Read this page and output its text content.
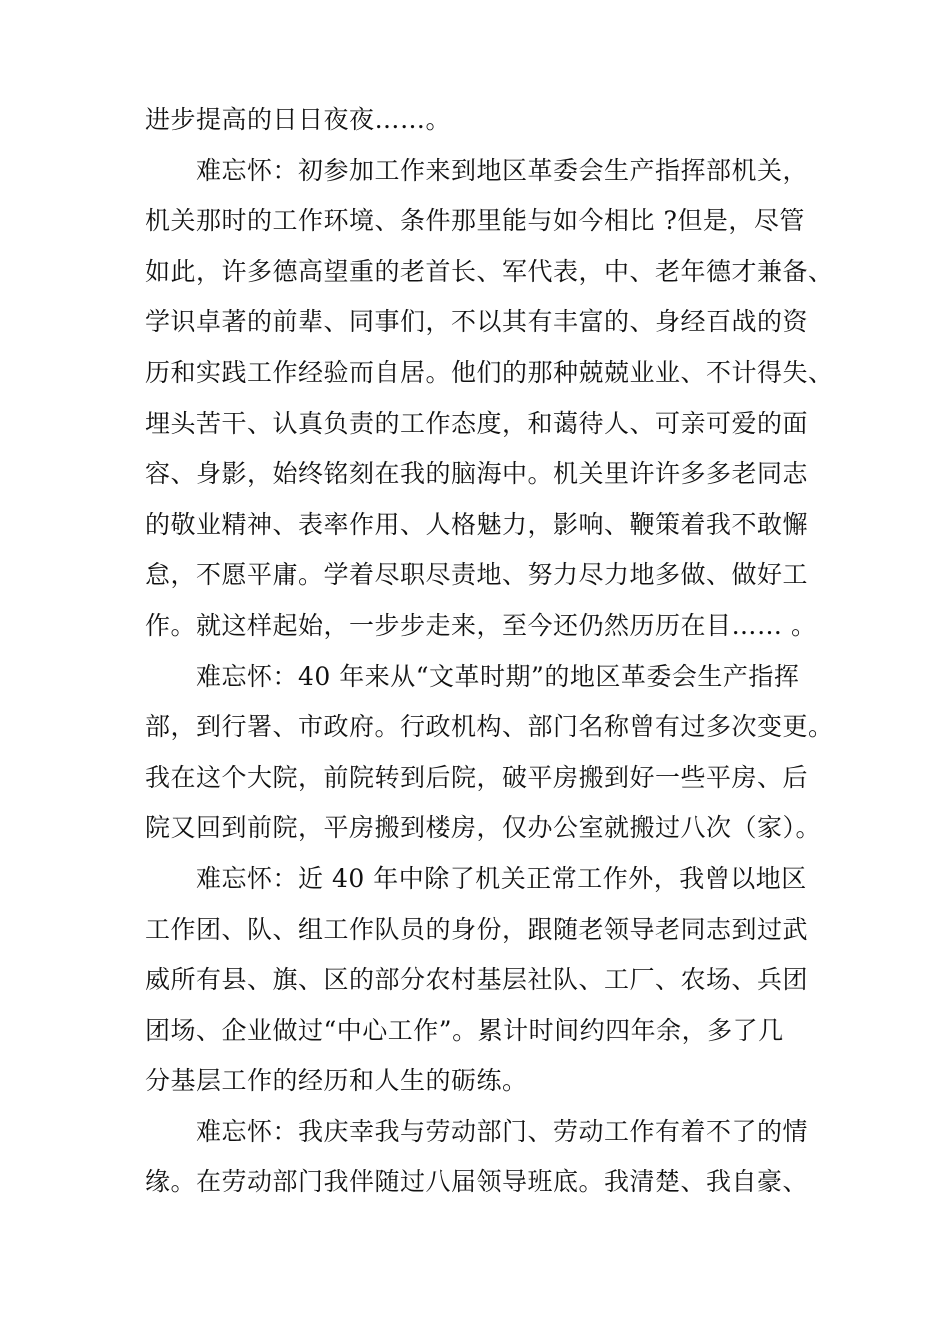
进步提高的日日夜夜……。
难忘怀：初参加工作来到地区革委会生产指挥部机关，
机关那时的工作环境、条件那里能与如今相比 ?但是，尽管
如此，许多德高望重的老首长、军代表，中、老年德才兼备、
学识卓著的前辈、同事们，不以其有丰富的、身经百战的资
历和实践工作经验而自居。他们的那种兢兢业业、不计得失、
埋头苦干、认真负责的工作态度，和蔼待人、可亲可爱的面
容、身影，始终铭刻在我的脑海中。机关里许许多多老同志
的敬业精神、表率作用、人格魅力，影响、鞭策着我不敢懈
怠，不愿平庸。学着尽职尽责地、努力尽力地多做、做好工
作。就这样起始，一步步走来，至今还仍然历历在目…… 。
难忘怀：40 年来从“文革时期”的地区革委会生产指挥
部，到行署、市政府。行政机构、部门名称曾有过多次变更。
我在这个大院，前院转到后院，破平房搬到好一些平房、后
院又回到前院，平房搬到楼房，仅办公室就搬过八次（家）。
难忘怀：近 40 年中除了机关正常工作外，我曾以地区
工作团、队、组工作队员的身份，跟随老领导老同志到过武
威所有县、旗、区的部分农村基层社队、工厂、农场、兵团
团场、企业做过“中心工作”。累计时间约四年余，多了几
分基层工作的经历和人生的砺练。
难忘怀：我庆幸我与劳动部门、劳动工作有着不了的情
缘。在劳动部门我伴随过八届领导班底。我清楚、我自豪、
